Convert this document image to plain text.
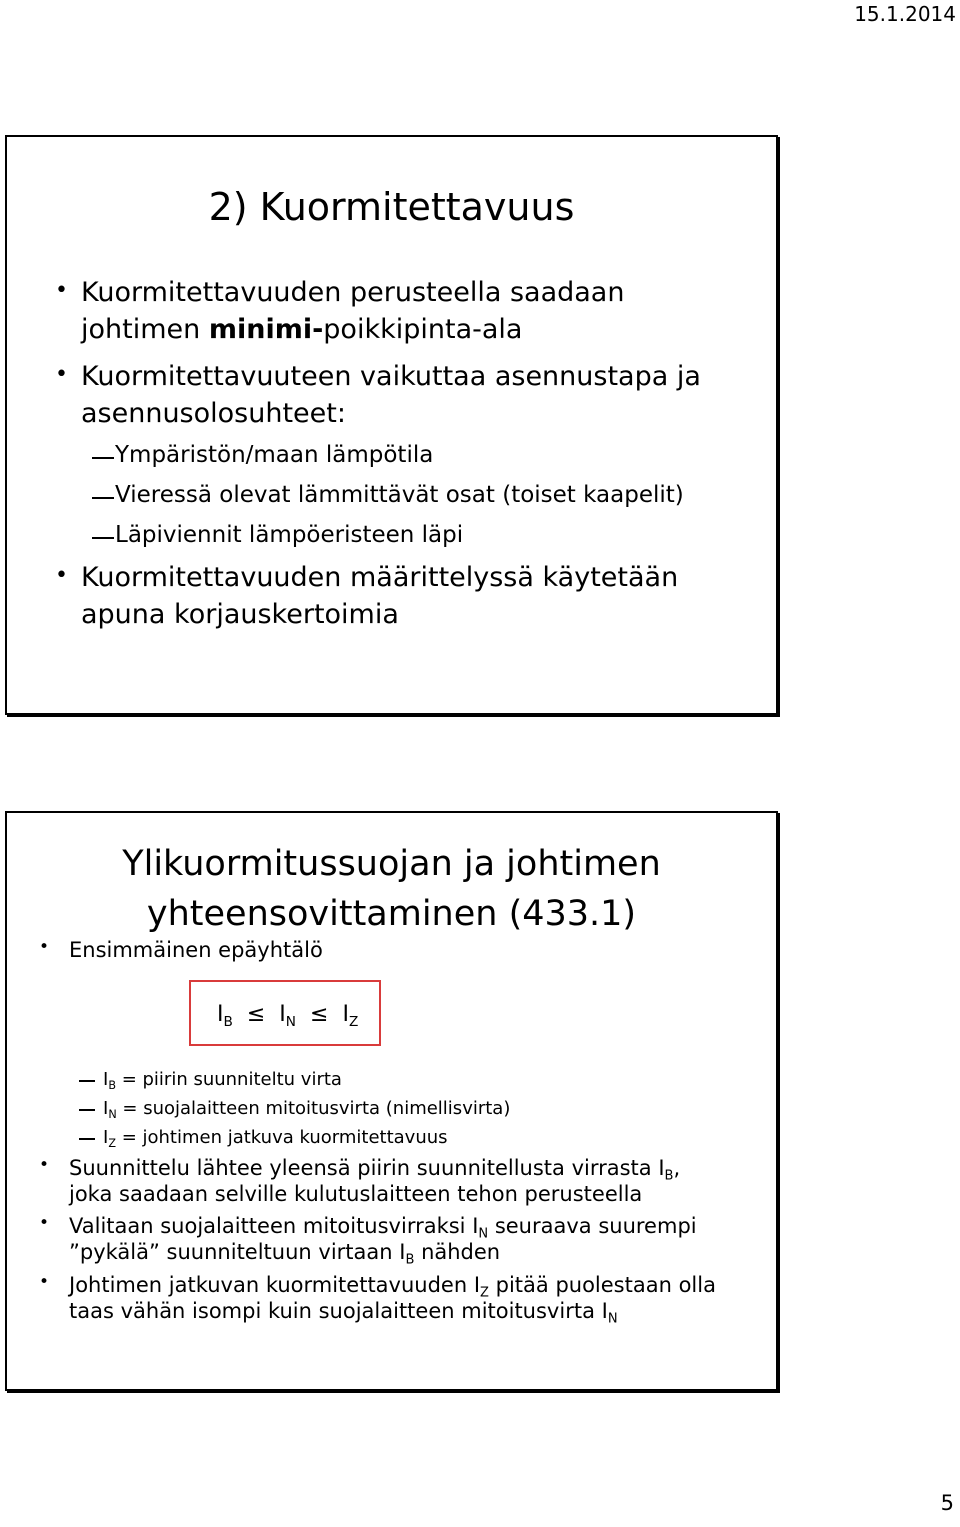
15.1.2014
2) Kuormitettavuus
• Kuormitettavuuden perusteella saadaan
johtimen minimi-poikkipinta-ala
• Kuormitettavuuteen vaikuttaa asennustapa ja
asennusolosuhteet:
Ympäristön/maan lämpötila
Vieressä olevat lämmittävät osat (toiset kaapelit)
Läpiviennit lämpöeristeen läpi
• Kuormitettavuuden määrittelyssä käytetään
apuna korjauskertoimia
Ylikuormitussuojan ja johtimen
yhteensovittaminen (433.1)
• Ensimmäinen epäyhtälö
$I_B \le I_N \le I_Z$
$I_B$ = piirin suunniteltu virta
$I_N$ = suojalaitteen mitoitusvirta (nimellisvirta)
$I_Z$ = johtimen jatkuva kuormitettavuus
• Suunnittelu lähtee yleensä piirin suunnitellusta virrasta $I_B$,
joka saadaan selville kulutuslaitteen tehon perusteella
• Valitaan suojalaitteen mitoitusvirraksi $I_N$ seuraava suurempi
”pykälä” suunniteltuun virtaan $I_B$ nähden
• Johtimen jatkuvan kuormitettavuuden $I_Z$ pitää puolestaan olla
taas vähän isompi kuin suojalaitteen mitoitusvirta $I_N$
5
